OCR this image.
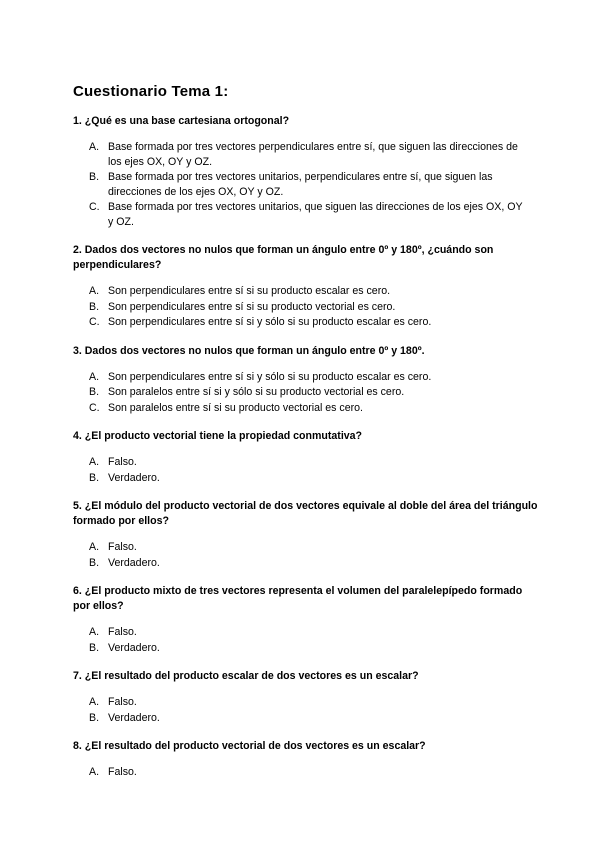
Cuestionario Tema 1:

1. ¿Qué es una base cartesiana ortogonal?

A. Base formada por tres vectores perpendiculares entre sí, que siguen las direcciones de los ejes OX, OY y OZ.
B. Base formada por tres vectores unitarios, perpendiculares entre sí, que siguen las direcciones de los ejes OX, OY y OZ.
C. Base formada por tres vectores unitarios, que siguen las direcciones de los ejes OX, OY y OZ.

2. Dados dos vectores no nulos que forman un ángulo entre 0º y 180º, ¿cuándo son perpendiculares?

A. Son perpendiculares entre sí si su producto escalar es cero.
B. Son perpendiculares entre sí si su producto vectorial es cero.
C. Son perpendiculares entre sí si y sólo si su producto escalar es cero.

3. Dados dos vectores no nulos que forman un ángulo entre 0º y 180º.

A. Son perpendiculares entre sí si y sólo si su producto escalar es cero.
B. Son paralelos entre sí si y sólo si su producto vectorial es cero.
C. Son paralelos entre sí si su producto vectorial es cero.

4. ¿El producto vectorial tiene la propiedad conmutativa?

A. Falso.
B. Verdadero.

5. ¿El módulo del producto vectorial de dos vectores equivale al doble del área del triángulo formado por ellos?

A. Falso.
B. Verdadero.

6. ¿El producto mixto de tres vectores representa el volumen del paralelepípedo formado por ellos?

A. Falso.
B. Verdadero.

7. ¿El resultado del producto escalar de dos vectores es un escalar?

A. Falso.
B. Verdadero.

8. ¿El resultado del producto vectorial de dos vectores es un escalar?

A. Falso.
